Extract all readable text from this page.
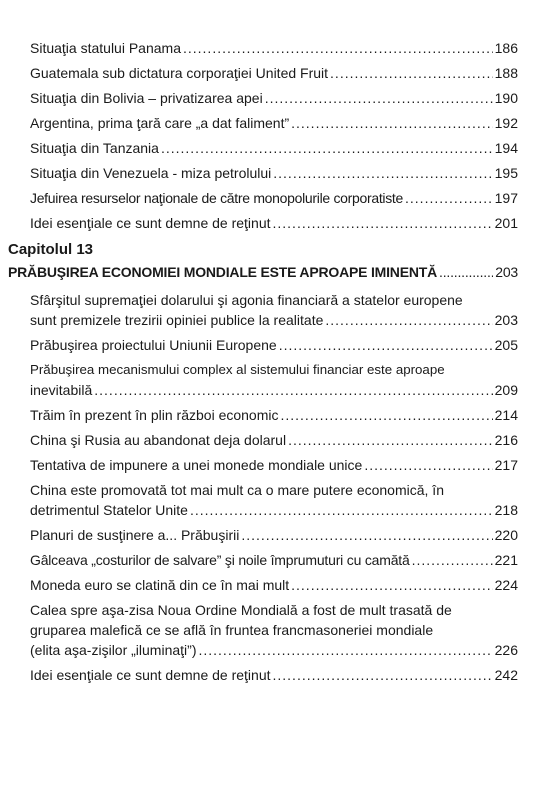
Situaţia statului Panama .....	186
Guatemala sub dictatura corporaţiei United Fruit .....	188
Situaţia din Bolivia – privatizarea apei .....	190
Argentina, prima ţară care „a dat faliment” .....	192
Situaţia din Tanzania .....	194
Situaţia din Venezuela - miza petrolului .....	195
Jefuirea resurselor naţionale de către monopolurile corporatiste .....	197
Idei esenţiale ce sunt demne de reţinut .....	201
Capitolul 13
PRĂBUŞIREA ECONOMIEI MONDIALE ESTE APROAPE IMINENTĂ .....	203
Sfârşitul supremaţiei dolarului şi agonia financiară a statelor europene
sunt premizele trezirii opiniei publice la realitate .....	203
Prăbuşirea proiectului Uniunii Europene .....	205
Prăbuşirea mecanismului complex al sistemului financiar este aproape
inevitabilă .....	209
Trăim în prezent în plin război economic .....	214
China şi Rusia au abandonat deja dolarul .....	216
Tentativa de impunere a unei monede mondiale unice .....	217
China este promovată tot mai mult ca o mare putere economică, în
detrimentul Statelor Unite .....	218
Planuri de susţinere a... Prăbuşirii .....	220
Gâlceava „costurilor de salvare” şi noile împrumuturi cu camătă .....	221
Moneda euro se clatină din ce în mai mult .....	224
Calea spre aşa-zisa Noua Ordine Mondială a fost de mult trasată de
gruparea malefică ce se află în fruntea francmasoneriei mondiale
(elita aşa-zişilor „iluminaţi”) .....	226
Idei esenţiale ce sunt demne de reţinut .....	242
